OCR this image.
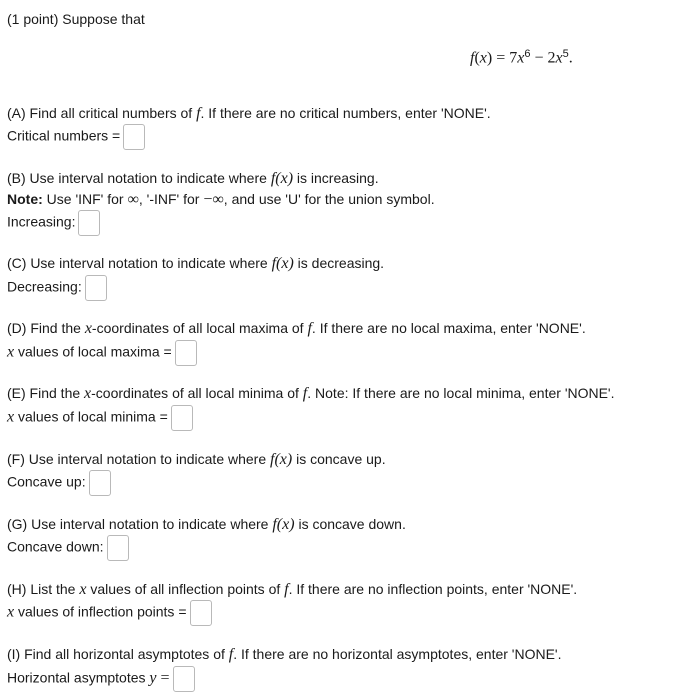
(1 point) Suppose that
$f(x) = 7x^6 - 2x^5$.
(A) Find all critical numbers of f. If there are no critical numbers, enter 'NONE'.
Critical numbers =
(B) Use interval notation to indicate where f(x) is increasing.
Note: Use 'INF' for ∞, '-INF' for −∞, and use 'U' for the union symbol.
Increasing:
(C) Use interval notation to indicate where f(x) is decreasing.
Decreasing:
(D) Find the x-coordinates of all local maxima of f. If there are no local maxima, enter 'NONE'.
x values of local maxima =
(E) Find the x-coordinates of all local minima of f. Note: If there are no local minima, enter 'NONE'.
x values of local minima =
(F) Use interval notation to indicate where f(x) is concave up.
Concave up:
(G) Use interval notation to indicate where f(x) is concave down.
Concave down:
(H) List the x values of all inflection points of f. If there are no inflection points, enter 'NONE'.
x values of inflection points =
(I) Find all horizontal asymptotes of f. If there are no horizontal asymptotes, enter 'NONE'.
Horizontal asymptotes y =
